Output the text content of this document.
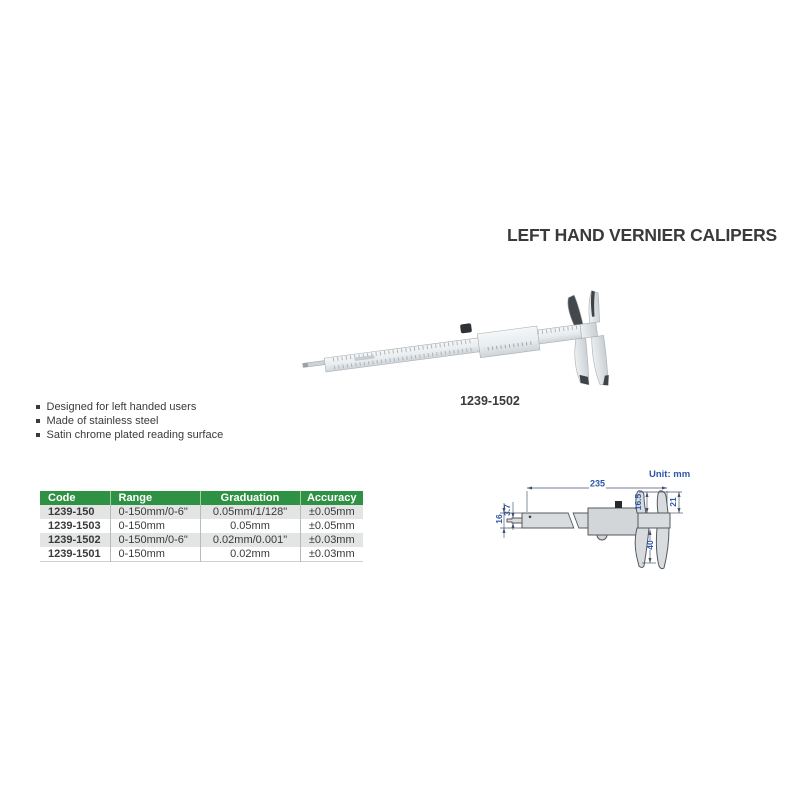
LEFT HAND VERNIER CALIPERS
1239-1502
Designed for left handed users
Made of stainless steel
Satin chrome plated reading surface
Code	Range	Graduation	Accuracy
1239-150	0-150mm/0-6"	0.05mm/1/128"	±0.05mm
1239-1503	0-150mm	0.05mm	±0.05mm
1239-1502	0-150mm/0-6"	0.02mm/0.001"	±0.03mm
1239-1501	0-150mm	0.02mm	±0.03mm
Unit: mm
235
3.7
16
16.5	21
40
